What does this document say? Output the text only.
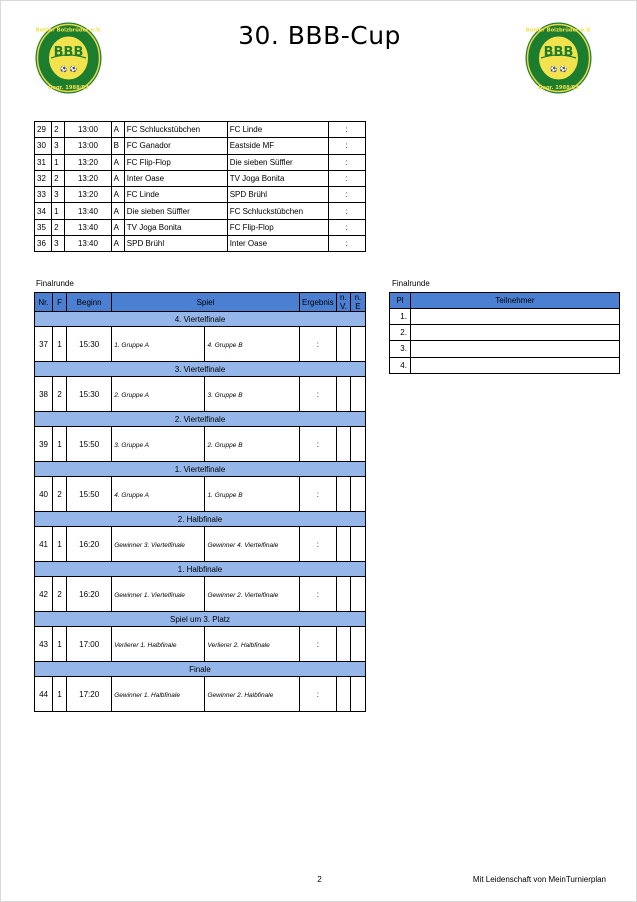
BBB
⚽ ⚽
Buhler Bolzbrüder e.V.
Gegr. 1988/93
30. BBB-Cup
BBB
⚽ ⚽
Buhler Bolzbrüder e.V.
Gegr. 1988/93
29	2	13:00	A	FC Schluckstübchen	FC Linde	:
30	3	13:00	B	FC Ganador	Eastside MF	:
31	1	13:20	A	FC Flip-Flop	Die sieben Süffler	:
32	2	13:20	A	Inter Oase	TV Joga Bonita	:
33	3	13:20	A	FC Linde	SPD Brühl	:
34	1	13:40	A	Die sieben Süffler	FC Schluckstübchen	:
35	2	13:40	A	TV Joga Bonita	FC Flip-Flop	:
36	3	13:40	A	SPD Brühl	Inter Oase	:
Finalrunde
Nr.	F	Beginn	Spiel		Ergebnis	n. V.	n. E
4. Viertelfinale							
37	1	15:30	1. Gruppe A	4. Gruppe B	:		
3. Viertelfinale							
38	2	15:30	2. Gruppe A	3. Gruppe B	:		
2. Viertelfinale							
39	1	15:50	3. Gruppe A	2. Gruppe B	:		
1. Viertelfinale							
40	2	15:50	4. Gruppe A	1. Gruppe B	:		
2. Halbfinale							
41	1	16:20	Gewinner 3. Viertelfinale	Gewinner 4. Viertelfinale	:		
1. Halbfinale							
42	2	16:20	Gewinner 1. Viertelfinale	Gewinner 2. Viertelfinale	:		
Spiel um 3. Platz							
43	1	17:00	Verlierer 1. Halbfinale	Verlierer 2. Halbfinale	:		
Finale							
44	1	17:20	Gewinner 1. Halbfinale	Gewinner 2. Halbfinale	:		
Finalrunde
Pl	Teilnehmer
1.	
2.	
3.	
4.	
2	Mit Leidenschaft von MeinTurnierplan
